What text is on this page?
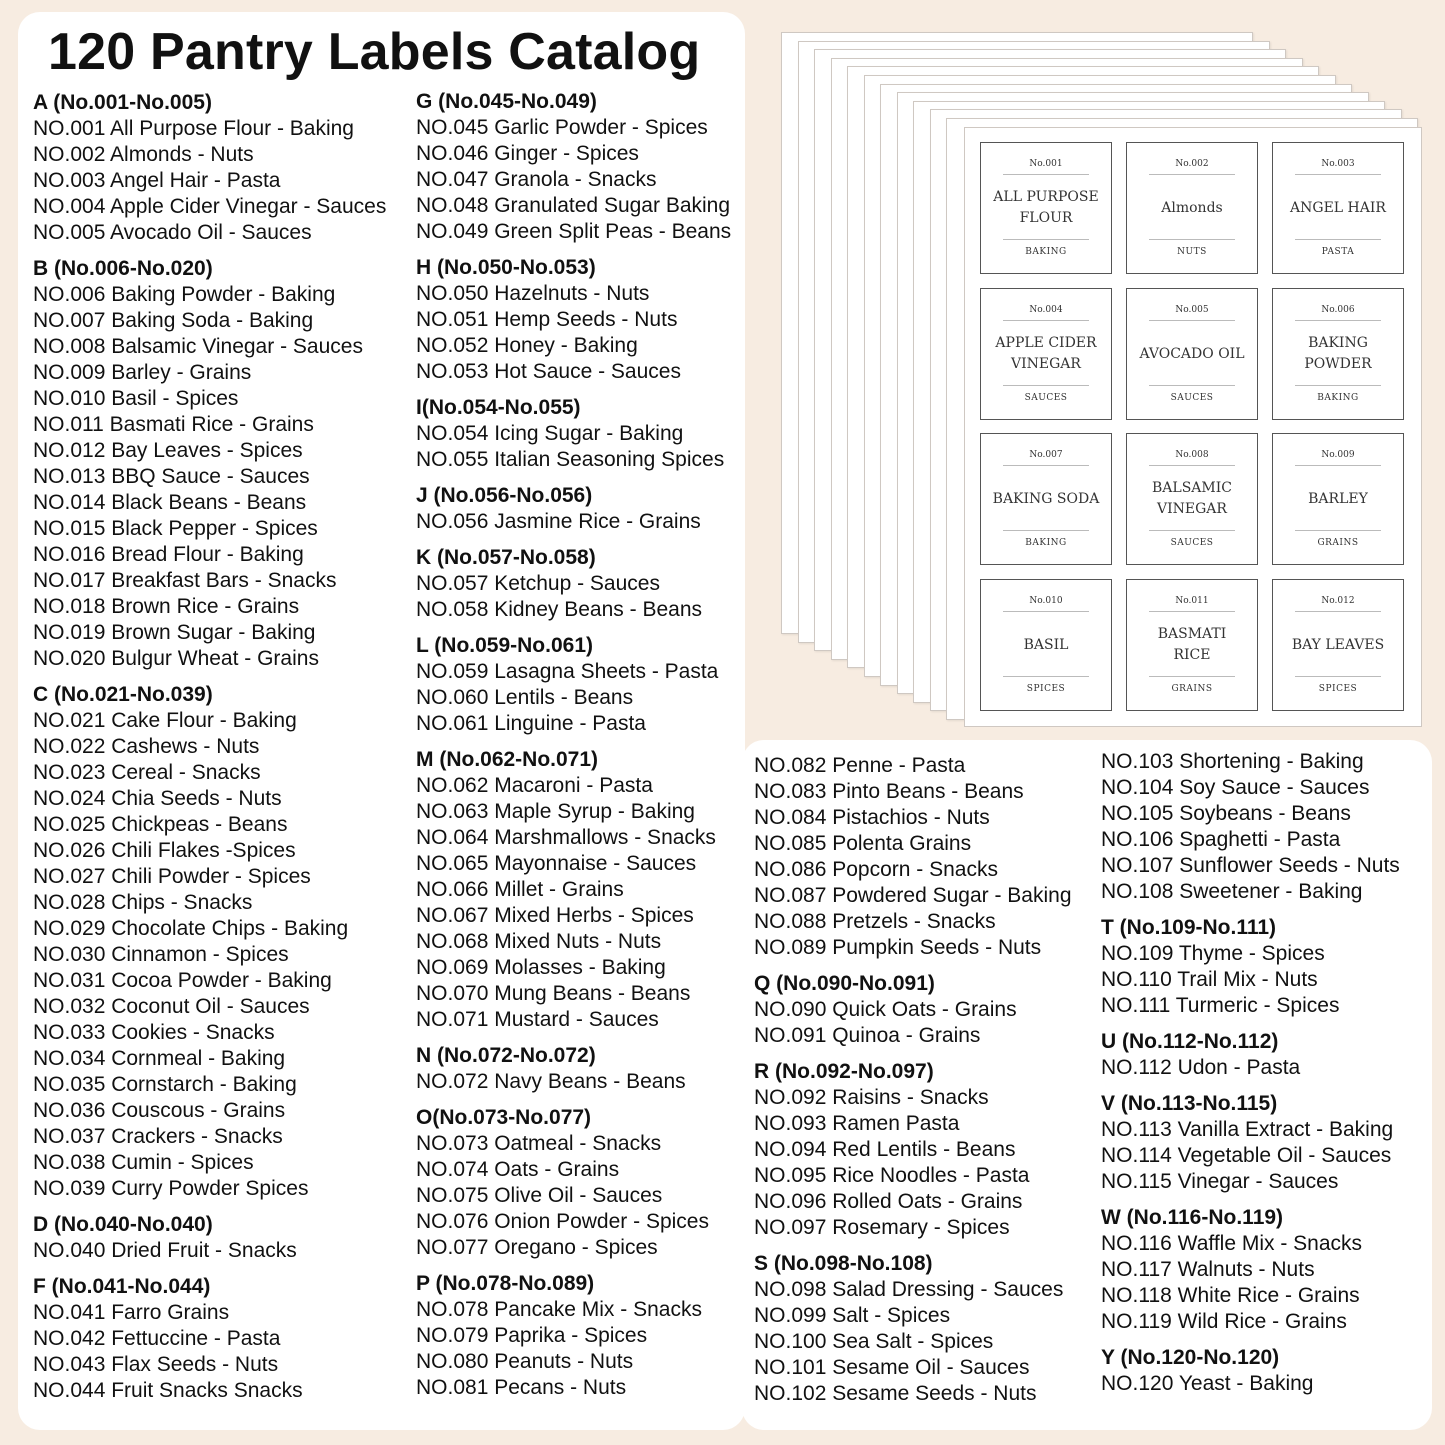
120 Pantry Labels Catalog
A (No.001-No.005)
NO.001 All Purpose Flour - Baking
NO.002 Almonds - Nuts
NO.003 Angel Hair - Pasta
NO.004 Apple Cider Vinegar - Sauces
NO.005 Avocado Oil - Sauces
B (No.006-No.020)
NO.006 Baking Powder - Baking
NO.007 Baking Soda - Baking
NO.008 Balsamic Vinegar - Sauces
NO.009 Barley - Grains
NO.010 Basil - Spices
NO.011 Basmati Rice - Grains
NO.012 Bay Leaves - Spices
NO.013 BBQ Sauce - Sauces
NO.014 Black Beans - Beans
NO.015 Black Pepper - Spices
NO.016 Bread Flour - Baking
NO.017 Breakfast Bars - Snacks
NO.018 Brown Rice - Grains
NO.019 Brown Sugar - Baking
NO.020 Bulgur Wheat - Grains
C (No.021-No.039)
NO.021 Cake Flour - Baking
NO.022 Cashews - Nuts
NO.023 Cereal - Snacks
NO.024 Chia Seeds - Nuts
NO.025 Chickpeas - Beans
NO.026 Chili Flakes -Spices
NO.027 Chili Powder - Spices
NO.028 Chips - Snacks
NO.029 Chocolate Chips - Baking
NO.030 Cinnamon - Spices
NO.031 Cocoa Powder - Baking
NO.032 Coconut Oil - Sauces
NO.033 Cookies - Snacks
NO.034 Cornmeal - Baking
NO.035 Cornstarch - Baking
NO.036 Couscous - Grains
NO.037 Crackers - Snacks
NO.038 Cumin - Spices
NO.039 Curry Powder Spices
D (No.040-No.040)
NO.040 Dried Fruit - Snacks
F (No.041-No.044)
NO.041 Farro Grains
NO.042 Fettuccine - Pasta
NO.043 Flax Seeds - Nuts
NO.044 Fruit Snacks Snacks
G (No.045-No.049)
NO.045 Garlic Powder - Spices
NO.046 Ginger - Spices
NO.047 Granola - Snacks
NO.048 Granulated Sugar Baking
NO.049 Green Split Peas - Beans
H (No.050-No.053)
NO.050 Hazelnuts - Nuts
NO.051 Hemp Seeds - Nuts
NO.052 Honey - Baking
NO.053 Hot Sauce - Sauces
I(No.054-No.055)
NO.054 Icing Sugar - Baking
NO.055 Italian Seasoning Spices
J (No.056-No.056)
NO.056 Jasmine Rice - Grains
K (No.057-No.058)
NO.057 Ketchup - Sauces
NO.058 Kidney Beans - Beans
L (No.059-No.061)
NO.059 Lasagna Sheets - Pasta
NO.060 Lentils - Beans
NO.061 Linguine - Pasta
M (No.062-No.071)
NO.062 Macaroni - Pasta
NO.063 Maple Syrup - Baking
NO.064 Marshmallows - Snacks
NO.065 Mayonnaise - Sauces
NO.066 Millet - Grains
NO.067 Mixed Herbs - Spices
NO.068 Mixed Nuts - Nuts
NO.069 Molasses - Baking
NO.070 Mung Beans - Beans
NO.071 Mustard - Sauces
N (No.072-No.072)
NO.072 Navy Beans - Beans
O(No.073-No.077)
NO.073 Oatmeal - Snacks
NO.074 Oats - Grains
NO.075 Olive Oil - Sauces
NO.076 Onion Powder - Spices
NO.077 Oregano - Spices
P (No.078-No.089)
NO.078 Pancake Mix - Snacks
NO.079 Paprika - Spices
NO.080 Peanuts - Nuts
NO.081 Pecans - Nuts
NO.082 Penne - Pasta
NO.083 Pinto Beans - Beans
NO.084 Pistachios - Nuts
NO.085 Polenta Grains
NO.086 Popcorn - Snacks
NO.087 Powdered Sugar - Baking
NO.088 Pretzels - Snacks
NO.089 Pumpkin Seeds - Nuts
Q (No.090-No.091)
NO.090 Quick Oats - Grains
NO.091 Quinoa - Grains
R (No.092-No.097)
NO.092 Raisins - Snacks
NO.093 Ramen Pasta
NO.094 Red Lentils - Beans
NO.095 Rice Noodles - Pasta
NO.096 Rolled Oats - Grains
NO.097 Rosemary - Spices
S (No.098-No.108)
NO.098 Salad Dressing - Sauces
NO.099 Salt - Spices
NO.100 Sea Salt - Spices
NO.101 Sesame Oil - Sauces
NO.102 Sesame Seeds - Nuts
NO.103 Shortening - Baking
NO.104 Soy Sauce - Sauces
NO.105 Soybeans - Beans
NO.106 Spaghetti - Pasta
NO.107 Sunflower Seeds - Nuts
NO.108 Sweetener - Baking
T (No.109-No.111)
NO.109 Thyme - Spices
NO.110 Trail Mix - Nuts
NO.111 Turmeric - Spices
U (No.112-No.112)
NO.112 Udon - Pasta
V (No.113-No.115)
NO.113 Vanilla Extract - Baking
NO.114 Vegetable Oil - Sauces
NO.115 Vinegar - Sauces
W (No.116-No.119)
NO.116 Waffle Mix - Snacks
NO.117 Walnuts - Nuts
NO.118 White Rice - Grains
NO.119 Wild Rice - Grains
Y (No.120-No.120)
NO.120 Yeast - Baking
No.001
ALL PURPOSE FLOUR
BAKING
No.002
Almonds
NUTS
No.003
ANGEL HAIR
PASTA
No.004
APPLE CIDER VINEGAR
SAUCES
No.005
AVOCADO OIL
SAUCES
No.006
BAKING POWDER
BAKING
No.007
BAKING SODA
BAKING
No.008
BALSAMIC VINEGAR
SAUCES
No.009
BARLEY
GRAINS
No.010
BASIL
SPICES
No.011
BASMATI RICE
GRAINS
No.012
BAY LEAVES
SPICES
